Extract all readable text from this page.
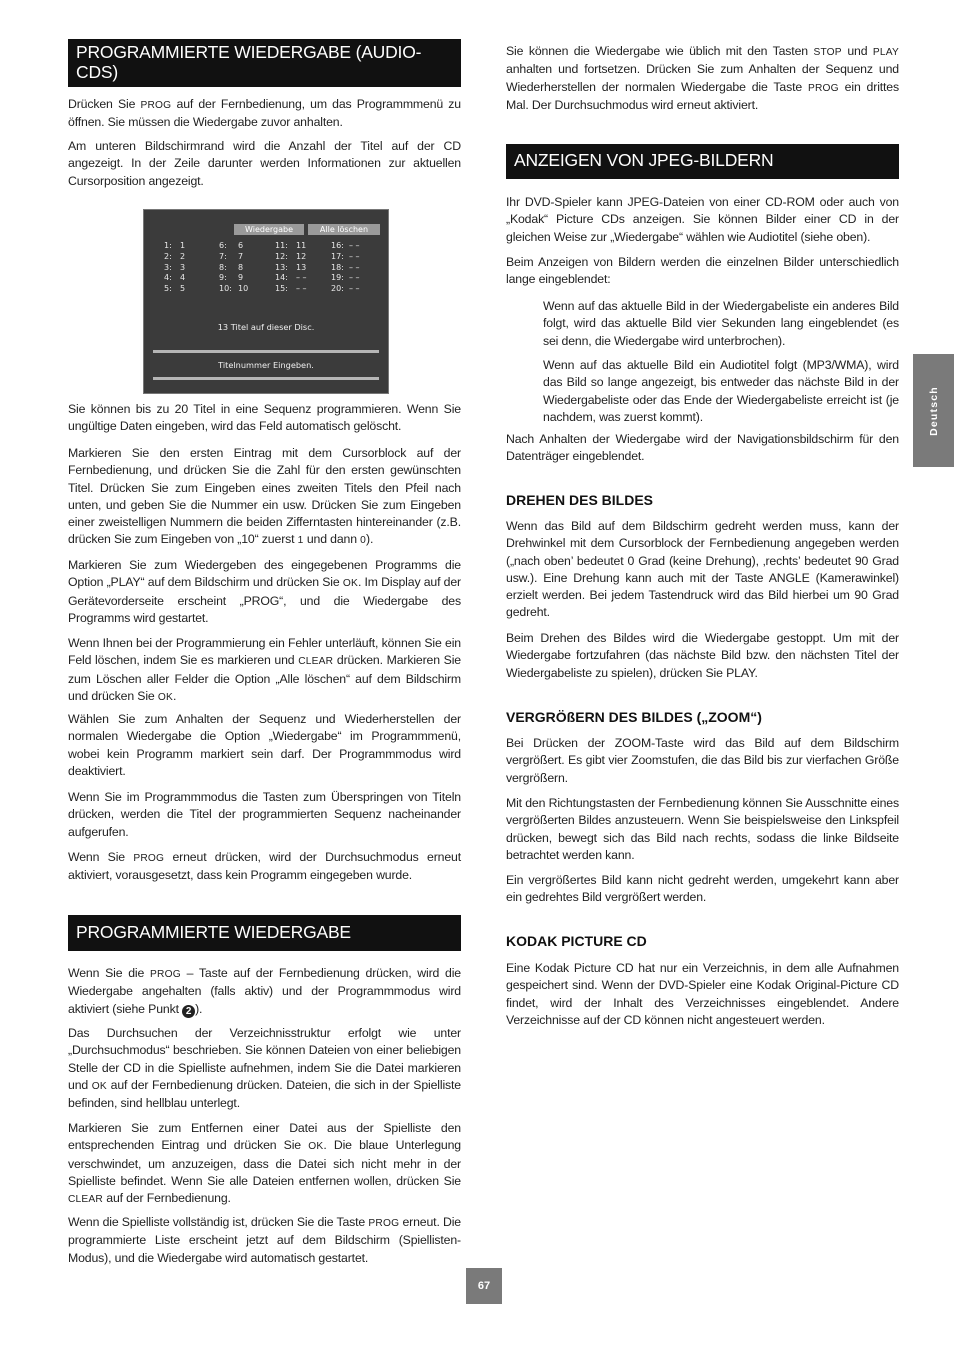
PROGRAMMIERTE WIEDERGABE (AUDIO-CDS)

Drücken Sie PROG auf der Fernbedienung, um das Programmmenü zu öffnen. Sie müssen die Wiedergabe zuvor anhalten.

Am unteren Bildschirmrand wird die Anzahl der Titel auf der CD angezeigt. In der Zeile darunter werden Informationen zur aktuellen Cursorposition angezeigt.

Sie können bis zu 20 Titel in eine Sequenz programmieren. Wenn Sie ungültige Daten eingeben, wird das Feld automatisch gelöscht.

Markieren Sie den ersten Eintrag mit dem Cursorblock auf der Fernbedienung, und drücken Sie die Zahl für den ersten gewünschten Titel. Drücken Sie zum Eingeben eines zweiten Titels den Pfeil nach unten, und geben Sie die Nummer ein usw. Drücken Sie zum Eingeben einer zweistelligen Nummern die beiden Zifferntasten hintereinander (z.B. drücken Sie zum Eingeben von „10“ zuerst 1 und dann 0).

Markieren Sie zum Wiedergeben des eingegebenen Programms die Option „PLAY“ auf dem Bildschirm und drücken Sie OK. Im Display auf der Gerätevorderseite erscheint „PROG“, und die Wiedergabe des Programms wird gestartet.

Wenn Ihnen bei der Programmierung ein Fehler unterläuft, können Sie ein Feld löschen, indem Sie es markieren und CLEAR drücken. Markieren Sie zum Löschen aller Felder die Option „Alle löschen“ auf dem Bildschirm und drücken Sie OK.

Wählen Sie zum Anhalten der Sequenz und Wiederherstellen der normalen Wiedergabe die Option „Wiedergabe“ im Programmmenü, wobei kein Programm markiert sein darf. Der Programmmodus wird deaktiviert.

Wenn Sie im Programmmodus die Tasten zum Überspringen von Titeln drücken, werden die Titel der programmierten Sequenz nacheinander aufgerufen.

Wenn Sie PROG erneut drücken, wird der Durchsuchmodus erneut aktiviert, vorausgesetzt, dass kein Programm eingegeben wurde.

PROGRAMMIERTE WIEDERGABE

Wenn Sie die PROG – Taste auf der Fernbedienung drücken, wird die Wiedergabe angehalten (falls aktiv) und der Programmmodus wird aktiviert (siehe Punkt 2 ).

Das Durchsuchen der Verzeichnisstruktur erfolgt wie unter „Durchsuchmodus“ beschrieben. Sie können Dateien von einer beliebigen Stelle der CD in die Spielliste aufnehmen, indem Sie die Datei markieren und OK auf der Fernbedienung drücken. Dateien, die sich in der Spielliste befinden, sind hellblau unterlegt.

Markieren Sie zum Entfernen einer Datei aus der Spielliste den entsprechenden Eintrag und drücken Sie OK. Die blaue Unterlegung verschwindet, um anzuzeigen, dass die Datei sich nicht mehr in der Spielliste befindet. Wenn Sie alle Dateien entfernen wollen, drücken Sie CLEAR auf der Fernbedienung.

Wenn die Spielliste vollständig ist, drücken Sie die Taste PROG erneut. Die programmierte Liste erscheint jetzt auf dem Bildschirm (Spiellisten-Modus), und die Wiedergabe wird automatisch gestartet.

Wiedergabe	Alle löschen
1: 1	6: 6	11: 11	16: – –
2: 2	7: 7	12: 12	17: – –
3: 3	8: 8	13: 13	18: – –
4: 4	9: 9	14: – –	19: – –
5: 5	10: 10	15: – –	20: – –
13 Titel auf dieser Disc.
Titelnummer Eingeben.

Sie können die Wiedergabe wie üblich mit den Tasten STOP und PLAY anhalten und fortsetzen. Drücken Sie zum Anhalten der Sequenz und Wiederherstellen der normalen Wiedergabe die Taste PROG ein drittes Mal. Der Durchsuchmodus wird erneut aktiviert.

ANZEIGEN VON JPEG-BILDERN

Ihr DVD-Spieler kann JPEG-Dateien von einer CD-ROM oder auch von „Kodak“ Picture CDs anzeigen. Sie können Bilder einer CD in der gleichen Weise zur „Wiedergabe“ wählen wie Audiotitel (siehe oben).

Beim Anzeigen von Bildern werden die einzelnen Bilder unterschiedlich lange eingeblendet:

Wenn auf das aktuelle Bild in der Wiedergabeliste ein anderes Bild folgt, wird das aktuelle Bild vier Sekunden lang eingeblendet (es sei denn, die Wiedergabe wird unterbrochen).

Wenn auf das aktuelle Bild ein Audiotitel folgt (MP3/WMA), wird das Bild so lange angezeigt, bis entweder das nächste Bild in der Wiedergabeliste oder das Ende der Wiedergabeliste erreicht ist (je nachdem, was zuerst kommt).

Nach Anhalten der Wiedergabe wird der Navigationsbildschirm für den Datenträger eingeblendet.

DREHEN DES BILDES

Wenn das Bild auf dem Bildschirm gedreht werden muss, kann der Drehwinkel mit dem Cursorblock der Fernbedienung angegeben werden („nach oben’ bedeutet 0 Grad (keine Drehung), ‚rechts’ bedeutet 90 Grad usw.). Eine Drehung kann auch mit der Taste ANGLE (Kamerawinkel) erzielt werden. Bei jedem Tastendruck wird das Bild hierbei um 90 Grad gedreht.

Beim Drehen des Bildes wird die Wiedergabe gestoppt. Um mit der Wiedergabe fortzufahren (das nächste Bild bzw. den nächsten Titel der Wiedergabeliste zu spielen), drücken Sie PLAY.

VERGRÖßERN DES BILDES („ZOOM“)

Bei Drücken der ZOOM-Taste wird das Bild auf dem Bildschirm vergrößert. Es gibt vier Zoomstufen, die das Bild bis zur vierfachen Größe vergrößern.

Mit den Richtungstasten der Fernbedienung können Sie Ausschnitte eines vergrößerten Bildes anzusteuern. Wenn Sie beispielsweise den Linkspfeil drücken, bewegt sich das Bild nach rechts, sodass die linke Bildseite betrachtet werden kann.

Ein vergrößertes Bild kann nicht gedreht werden, umgekehrt kann aber ein gedrehtes Bild vergrößert werden.

KODAK PICTURE CD

Eine Kodak Picture CD hat nur ein Verzeichnis, in dem alle Aufnahmen gespeichert sind. Wenn der DVD-Spieler eine Kodak Original-Picture CD findet, wird der Inhalt des Verzeichnisses eingeblendet. Andere Verzeichnisse auf der CD können nicht angesteuert werden.

Deutsch
67
